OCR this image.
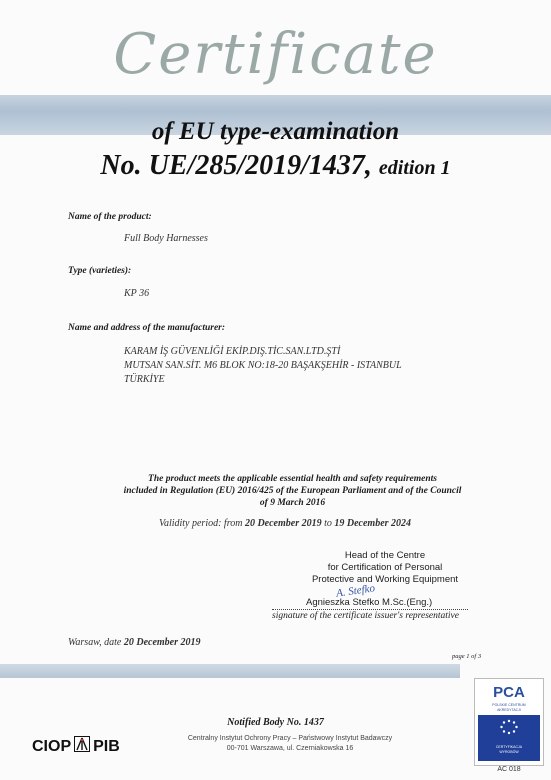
Certificate
of EU type-examination
No. UE/285/2019/1437, edition 1
Name of the product:
Full Body Harnesses
Type (varieties):
KP 36
Name and address of the manufacturer:
KARAM İŞ GÜVENLİĞİ EKİP.DIŞ.TİC.SAN.LTD.ŞTİ
MUTSAN SAN.SİT. M6 BLOK NO:18-20 BAŞAKŞEHİR - ISTANBUL
TÜRKİYE
The product meets the applicable essential health and safety requirements
included in Regulation (EU) 2016/425 of the European Parliament and of the Council
of 9 March 2016
Validity period: from 20 December 2019 to 19 December 2024
Head of the Centre
for Certification of Personal
Protective and Working Equipment
A. Stefko
Agnieszka Stefko M.Sc.(Eng.)
signature of the certificate issuer's representative
Warsaw, date 20 December 2019
page 1 of 3
Notified Body No. 1437
Centralny Instytut Ochrony Pracy – Państwowy Instytut Badawczy
00-701 Warszawa, ul. Czerniakowska 16
CIOP PIB
PCA
POLSKIE CENTRUM
AKREDYTACJI
CERTYFIKACJA
WYROBÓW
AC 018
